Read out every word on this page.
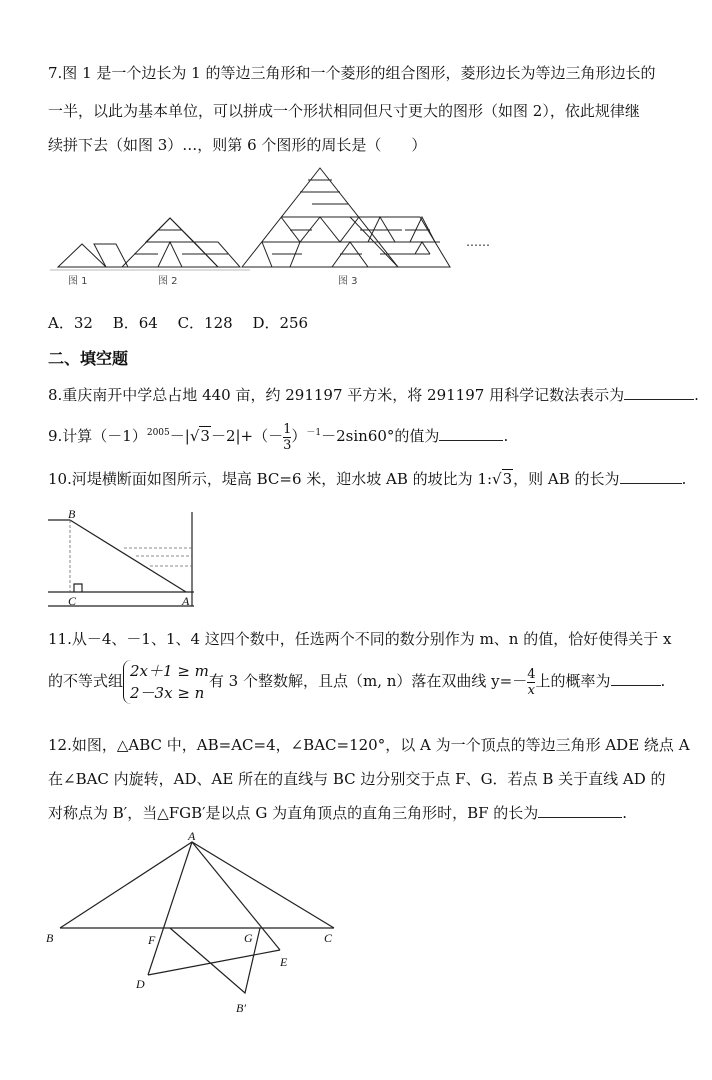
7.图 1 是一个边长为 1 的等边三角形和一个菱形的组合图形，菱形边长为等边三角形边长的
一半，以此为基本单位，可以拼成一个形状相同但尺寸更大的图形（如图 2），依此规律继
续拼下去（如图 3）…，则第 6 个图形的周长是（　　）
图 1	图 2	图 3
……
A．32　 B．64　 C．128　 D．256
二、填空题
8.重庆南开中学总占地 440 亩，约 291197 平方米，将 291197 用科学记数法表示为	.
9.计算$(-1)^{2005}-|√3-2|+(- \frac{1}{3} )^{-1}-2\sin 60^\circ$的值为	.
10.河堤横断面如图所示，堤高 BC=6 米，迎水坡 AB 的坡比为 1:√3，则 AB 的长为	.
B
C	A
11.从－4、－1、1、4 这四个数中，任选两个不同的数分别作为 m、n 的值，恰好使得关于 x
的不等式组
2x＋1 ≥ m
2－3x ≥ n
有 3 个整数解，且点（m, n）落在双曲线 $y=- \frac{4}{x}$ 上的概率为	.
12.如图，△ABC 中，AB=AC=4，∠BAC=120°，以 A 为一个顶点的等边三角形 ADE 绕点 A
在∠BAC 内旋转，AD、AE 所在的直线与 BC 边分别交于点 F、G．若点 B 关于直线 AD 的
对称点为 B′，当△FGB′是以点 G 为直角顶点的直角三角形时，BF 的长为	.
A
B	C
F	G
D
E
B′
